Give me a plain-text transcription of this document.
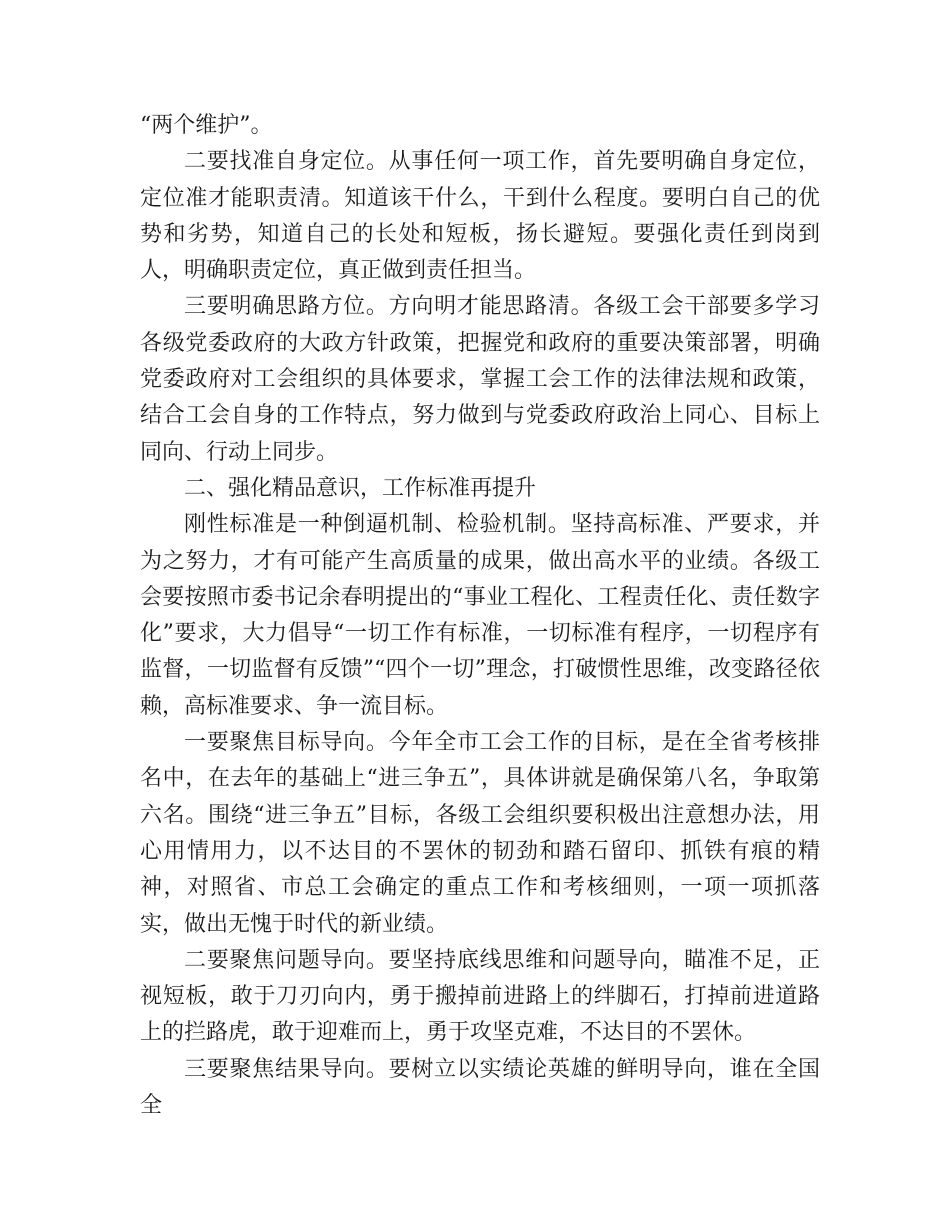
“两个维护”。

二要找准自身定位。从事任何一项工作，首先要明确自身定位，定位准才能职责清。知道该干什么，干到什么程度。要明白自己的优势和劣势，知道自己的长处和短板，扬长避短。要强化责任到岗到人，明确职责定位，真正做到责任担当。

三要明确思路方位。方向明才能思路清。各级工会干部要多学习各级党委政府的大政方针政策，把握党和政府的重要决策部署，明确党委政府对工会组织的具体要求，掌握工会工作的法律法规和政策，结合工会自身的工作特点，努力做到与党委政府政治上同心、目标上同向、行动上同步。

二、强化精品意识，工作标准再提升

刚性标准是一种倒逼机制、检验机制。坚持高标准、严要求，并为之努力，才有可能产生高质量的成果，做出高水平的业绩。各级工会要按照市委书记余春明提出的“事业工程化、工程责任化、责任数字化”要求，大力倡导“一切工作有标准，一切标准有程序，一切程序有监督，一切监督有反馈”“四个一切”理念，打破惯性思维，改变路径依赖，高标准要求、争一流目标。

一要聚焦目标导向。今年全市工会工作的目标，是在全省考核排名中，在去年的基础上“进三争五”，具体讲就是确保第八名，争取第六名。围绕“进三争五”目标，各级工会组织要积极出注意想办法，用心用情用力，以不达目的不罢休的韧劲和踏石留印、抓铁有痕的精神，对照省、市总工会确定的重点工作和考核细则，一项一项抓落实，做出无愧于时代的新业绩。

二要聚焦问题导向。要坚持底线思维和问题导向，瞄准不足，正视短板，敢于刀刃向内，勇于搬掉前进路上的绊脚石，打掉前进道路上的拦路虎，敢于迎难而上，勇于攻坚克难，不达目的不罢休。

三要聚焦结果导向。要树立以实绩论英雄的鲜明导向，谁在全国全
